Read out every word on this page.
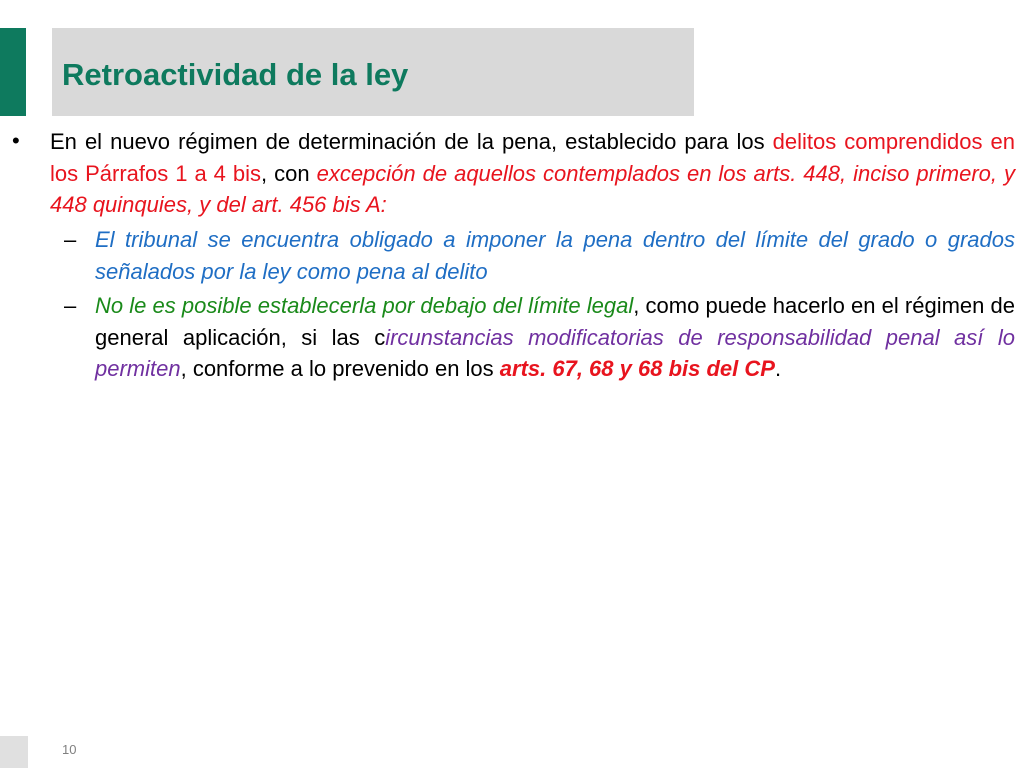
Retroactividad de la ley
• En el nuevo régimen de determinación de la pena, establecido para los delitos comprendidos en los Párrafos 1 a 4 bis, con excepción de aquellos contemplados en los arts. 448, inciso primero, y 448 quinquies, y del art. 456 bis A:

– El tribunal se encuentra obligado a imponer la pena dentro del límite del grado o grados señalados por la ley como pena al delito

– No le es posible establecerla por debajo del límite legal, como puede hacerlo en el régimen de general aplicación, si las circunstancias modificatorias de responsabilidad penal así lo permiten, conforme a lo prevenido en los arts. 67, 68 y 68 bis del CP.

10
